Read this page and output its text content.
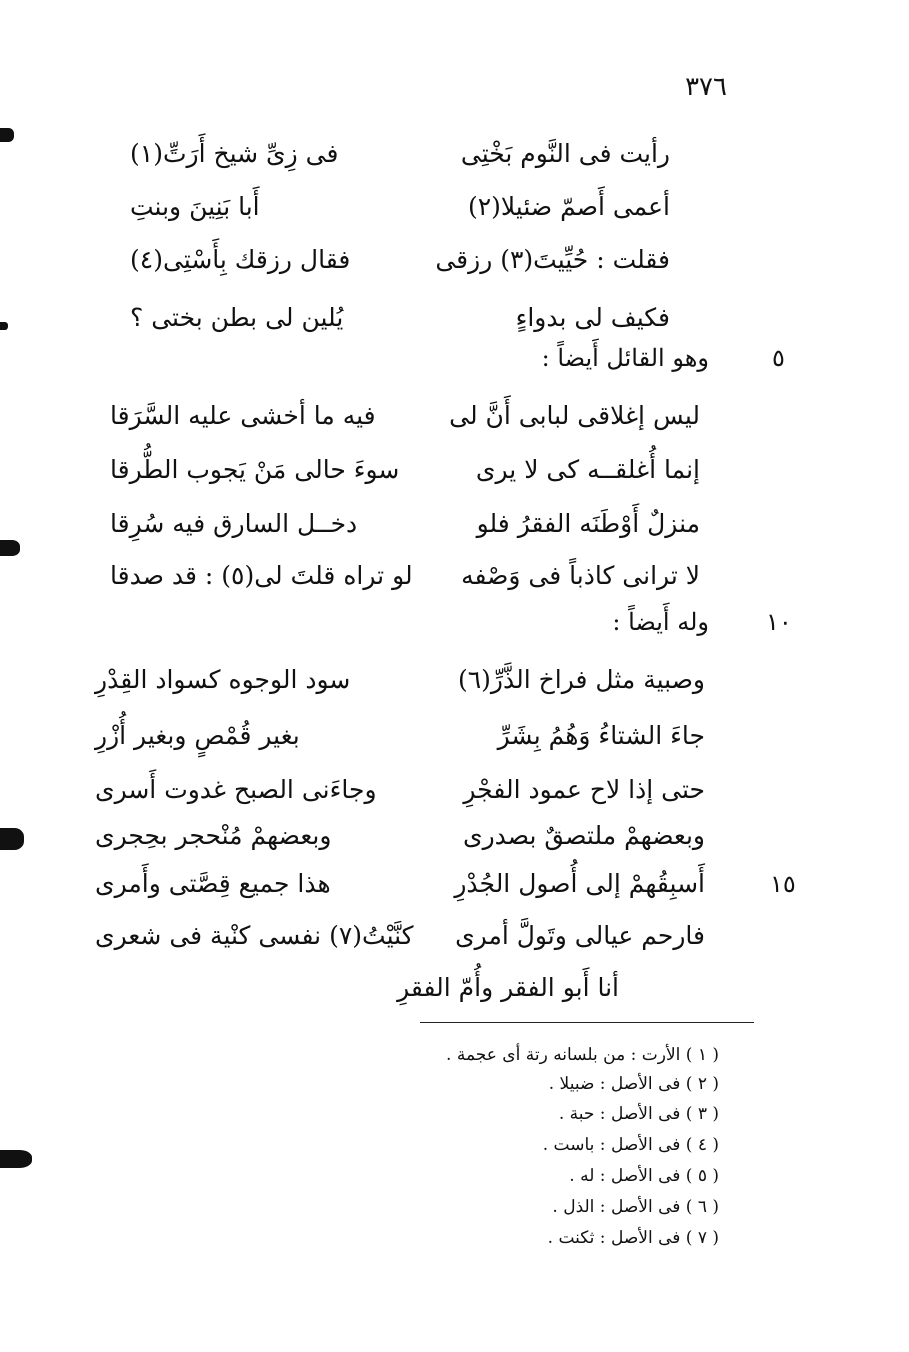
٣٧٦
رأيت فى النَّوم بَخْتِى
فى زِىِّ شيخ أَرَتِّ(١)
أعمى أَصمّ ضئيلا(٢)
أَبا بَنِينَ وبنتِ
فقلت : حُيِّيتَ(٣) رزقى
فقال رزقك بِأَسْتِى(٤)
فكيف لى بدواءٍ
يُلين لى بطن بختى ؟
٥
وهو القائل أَيضاً :
ليس إغلاقى لبابى أَنَّ لى
فيه ما أخشى عليه السَّرَقا
إنما أُغلقــه كى لا يرى
سوءَ حالى مَنْ يَجوب الطُّرقا
منزلٌ أَوْطَنَه الفقرُ فلو
دخــل السارق فيه سُرِقا
لا ترانى كاذباً فى وَصْفه
لو تراه قلتَ لى(٥) : قد صدقا
١٠
وله أَيضاً :
وصبية مثل فراخ الذَّرِّ(٦)
سود الوجوه كسواد القِدْرِ
جاءَ الشتاءُ وَهُمُ بِشَرِّ
بغير قُمْصٍ وبغير أُزْرِ
حتى إذا لاح عمود الفجْرِ
وجاءَنى الصبح غدوت أَسرى
وبعضهمْ ملتصقٌ بصدرى
وبعضهمْ مُنْحجر بحِجرى
١٥
أَسبِقُهمْ إلى أُصول الجُدْرِ
هذا جميع قِصَّتى وأَمرى
فارحم عيالى وتَولَّ أمرى
كنَّيْتُ(٧) نفسى كنْية فى شعرى
أنا أَبو الفقر وأُمّ الفقرِ
( ١ ) الأرت : من بلسانه رتة أى عجمة .
( ٢ ) فى الأصل : ضبيلا .
( ٣ ) فى الأصل : حبة .
( ٤ ) فى الأصل : باست .
( ٥ ) فى الأصل : له .
( ٦ ) فى الأصل : الذل .
( ٧ ) فى الأصل : ثكنت .
